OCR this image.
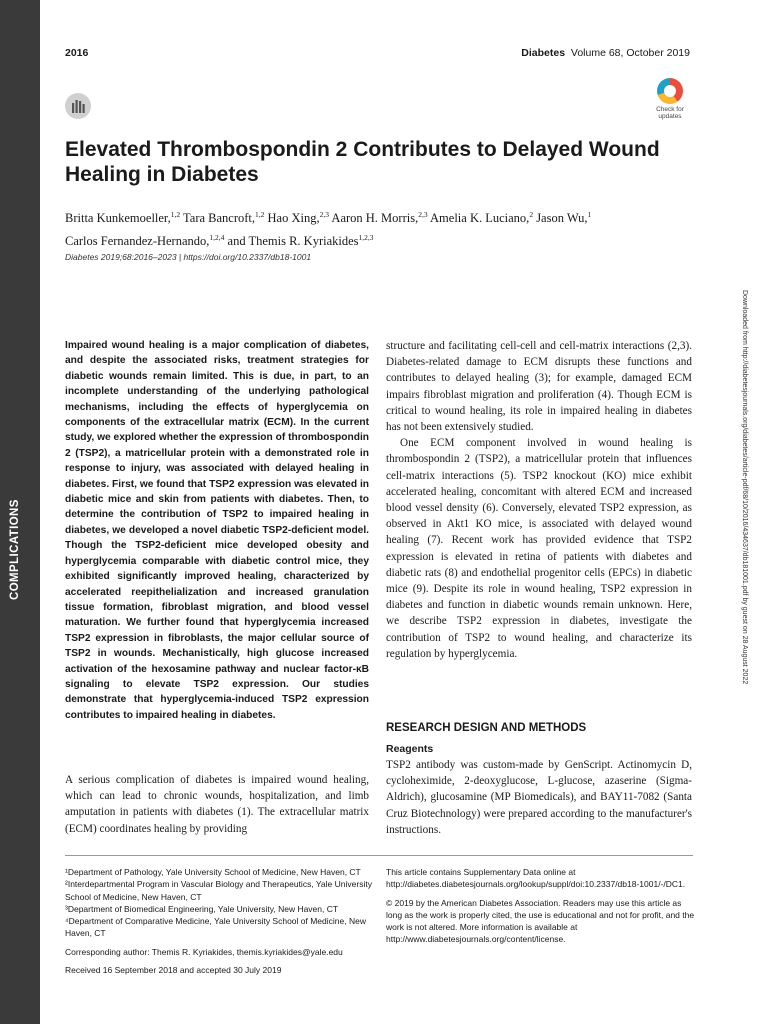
COMPLICATIONS
2016	Diabetes Volume 68, October 2019
Check for updates
Elevated Thrombospondin 2 Contributes to Delayed Wound Healing in Diabetes
Britta Kunkemoeller,$^{1,2}$ Tara Bancroft,$^{1,2}$ Hao Xing,$^{2,3}$ Aaron H. Morris,$^{2,3}$ Amelia K. Luciano,$^2$ Jason Wu,$^1$
Carlos Fernandez-Hernando,$^{1,2,4}$ and Themis R. Kyriakides$^{1,2,3}$
Diabetes 2019;68:2016–2023 | https://doi.org/10.2337/db18-1001
Downloaded from http://diabetesjournals.org/diabetes/article-pdf/68/10/2016/434637/db181001.pdf by guest on 28 August 2022
Impaired wound healing is a major complication of diabetes, and despite the associated risks, treatment strategies for diabetic wounds remain limited. This is due, in part, to an incomplete understanding of the underlying pathological mechanisms, including the effects of hyperglycemia on components of the extracellular matrix (ECM). In the current study, we explored whether the expression of thrombospondin 2 (TSP2), a matricellular protein with a demonstrated role in response to injury, was associated with delayed healing in diabetes. First, we found that TSP2 expression was elevated in diabetic mice and skin from patients with diabetes. Then, to determine the contribution of TSP2 to impaired healing in diabetes, we developed a novel diabetic TSP2-deficient model. Though the TSP2-deficient mice developed obesity and hyperglycemia comparable with diabetic control mice, they exhibited significantly improved healing, characterized by accelerated reepithelialization and increased granulation tissue formation, fibroblast migration, and blood vessel maturation. We further found that hyperglycemia increased TSP2 expression in fibroblasts, the major cellular source of TSP2 in wounds. Mechanistically, high glucose increased activation of the hexosamine pathway and nuclear factor-κB signaling to elevate TSP2 expression. Our studies demonstrate that hyperglycemia-induced TSP2 expression contributes to impaired healing in diabetes.
A serious complication of diabetes is impaired wound healing, which can lead to chronic wounds, hospitalization, and limb amputation in patients with diabetes (1). The extracellular matrix (ECM) coordinates healing by providing

structure and facilitating cell-cell and cell-matrix interactions (2,3). Diabetes-related damage to ECM disrupts these functions and contributes to delayed healing (3); for example, damaged ECM impairs fibroblast migration and proliferation (4). Though ECM is critical to wound healing, its role in impaired healing in diabetes has not been extensively studied.

One ECM component involved in wound healing is thrombospondin 2 (TSP2), a matricellular protein that influences cell-matrix interactions (5). TSP2 knockout (KO) mice exhibit accelerated healing, concomitant with altered ECM and increased blood vessel density (6). Conversely, elevated TSP2 expression, as observed in Akt1 KO mice, is associated with delayed wound healing (7). Recent work has provided evidence that TSP2 expression is elevated in retina of patients with diabetes and diabetic rats (8) and endothelial progenitor cells (EPCs) in diabetic mice (9). Despite its role in wound healing, TSP2 expression in diabetes and function in diabetic wounds remain unknown. Here, we describe TSP2 expression in diabetes, investigate the contribution of TSP2 to wound healing, and characterize its regulation by hyperglycemia.

RESEARCH DESIGN AND METHODS
Reagents
TSP2 antibody was custom-made by GenScript. Actinomycin D, cycloheximide, 2-deoxyglucose, L-glucose, azaserine (Sigma-Aldrich), glucosamine (MP Biomedicals), and BAY11-7082 (Santa Cruz Biotechnology) were prepared according to the manufacturer's instructions.
¹Department of Pathology, Yale University School of Medicine, New Haven, CT
²Interdepartmental Program in Vascular Biology and Therapeutics, Yale University School of Medicine, New Haven, CT
³Department of Biomedical Engineering, Yale University, New Haven, CT
⁴Department of Comparative Medicine, Yale University School of Medicine, New Haven, CT
Corresponding author: Themis R. Kyriakides, themis.kyriakides@yale.edu
Received 16 September 2018 and accepted 30 July 2019
This article contains Supplementary Data online at http://diabetes.diabetesjournals.org/lookup/suppl/doi:10.2337/db18-1001/-/DC1.
© 2019 by the American Diabetes Association. Readers may use this article as long as the work is properly cited, the use is educational and not for profit, and the work is not altered. More information is available at http://www.diabetesjournals.org/content/license.
